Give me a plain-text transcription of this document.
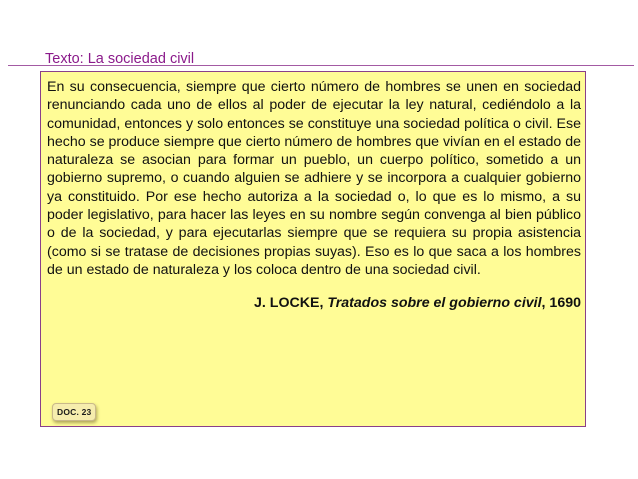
Texto: La sociedad civil

En su consecuencia, siempre que cierto número de hombres se unen en sociedad renunciando cada uno de ellos al poder de ejecutar la ley natural, cediéndolo a la comunidad, entonces y solo entonces se constituye una sociedad política o civil. Ese hecho se produce siempre que cierto número de hombres que vivían en el estado de naturaleza se asocian para formar un pueblo, un cuerpo político, sometido a un gobierno supremo, o cuando alguien se adhiere y se incorpora a cualquier gobierno ya constituido. Por ese hecho autoriza a la sociedad o, lo que es lo mismo, a su poder legislativo, para hacer las leyes en su nombre según convenga al bien público o de la sociedad, y para ejecutarlas siempre que se requiera su propia asistencia (como si se tratase de decisiones propias suyas). Eso es lo que saca a los hombres de un estado de naturaleza y los coloca dentro de una sociedad civil.

J. LOCKE, Tratados sobre el gobierno civil, 1690

DOC. 23
